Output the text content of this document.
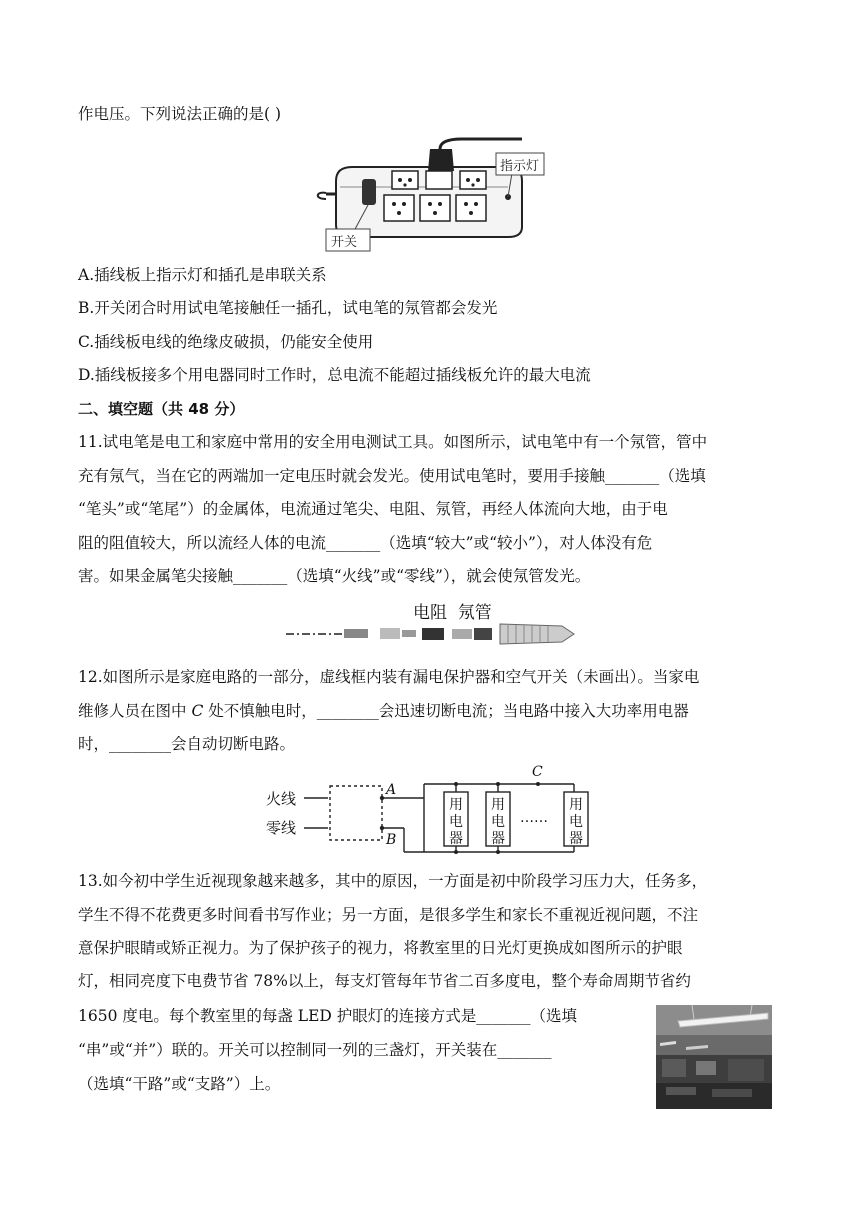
作电压。下列说法正确的是( )
指示灯
开关
A.插线板上指示灯和插孔是串联关系
B.开关闭合时用试电笔接触任一插孔，试电笔的氖管都会发光
C.插线板电线的绝缘皮破损，仍能安全使用
D.插线板接多个用电器同时工作时，总电流不能超过插线板允许的最大电流
二、填空题（共 48 分）
11.试电笔是电工和家庭中常用的安全用电测试工具。如图所示，试电笔中有一个氖管，管中
充有氖气，当在它的两端加一定电压时就会发光。使用试电笔时，要用手接触_______（选填
“笔头”或“笔尾”）的金属体，电流通过笔尖、电阻、氖管，再经人体流向大地，由于电
阻的阻值较大，所以流经人体的电流_______（选填“较大”或“较小”），对人体没有危
害。如果金属笔尖接触_______（选填“火线”或“零线”），就会使氖管发光。
电阻  氖管
12.如图所示是家庭电路的一部分，虚线框内装有漏电保护器和空气开关（未画出）。当家电
维修人员在图中 C 处不慎触电时，________会迅速切断电流；当电路中接入大功率用电器
时，________会自动切断电路。
火线
零线
A
B
C
用
电
器
用
电
器
用
电
器
……
13.如今初中学生近视现象越来越多，其中的原因，一方面是初中阶段学习压力大，任务多，
学生不得不花费更多时间看书写作业；另一方面，是很多学生和家长不重视近视问题，不注
意保护眼睛或矫正视力。为了保护孩子的视力，将教室里的日光灯更换成如图所示的护眼
灯，相同亮度下电费节省 78%以上，每支灯管每年节省二百多度电，整个寿命周期节省约
1650 度电。每个教室里的每盏 LED 护眼灯的连接方式是_______（选填
“串”或“并”）联的。开关可以控制同一列的三盏灯，开关装在_______
（选填“干路”或“支路”）上。
